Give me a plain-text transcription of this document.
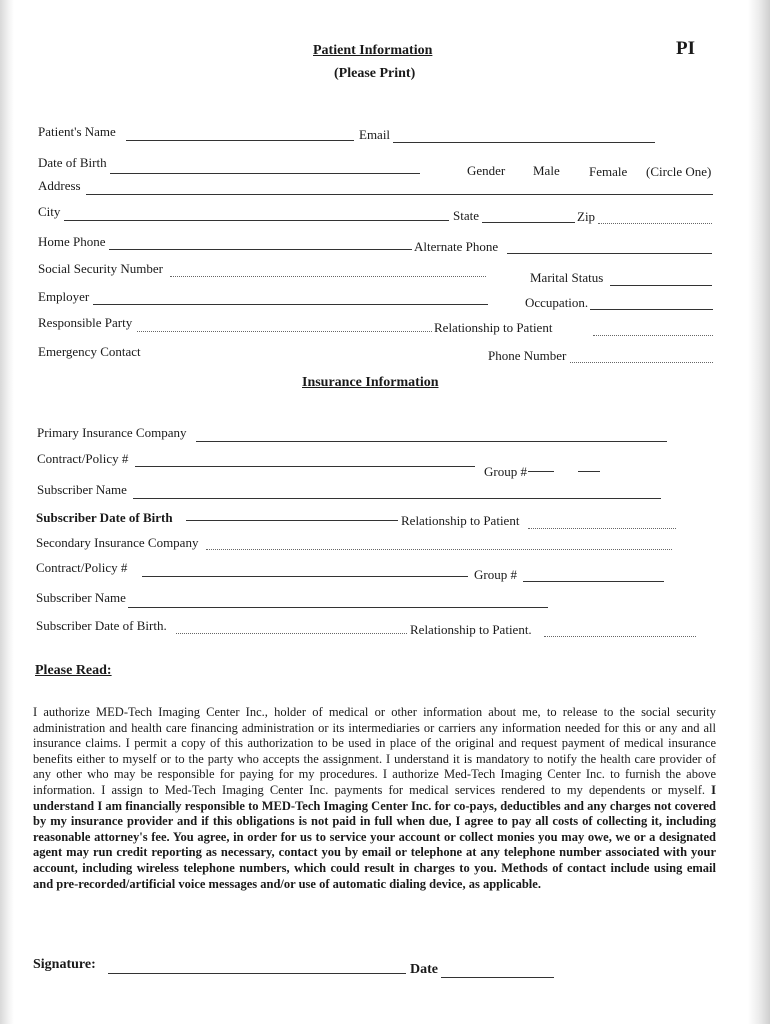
Patient Information
(Please Print)
PI
Patient's Name	Email
Date of Birth
Gender Male Female (Circle One)
Address
City	State	Zip
Home Phone	Alternate Phone
Social Security Number
Marital Status
Employer	Occupation.
Responsible Party	Relationship to Patient
Emergency Contact	Phone Number
Insurance Information
Primary Insurance Company
Contract/Policy #
Group #
Subscriber Name
Subscriber Date of Birth	Relationship to Patient
Secondary Insurance Company
Contract/Policy #	Group #
Subscriber Name
Subscriber Date of Birth.	Relationship to Patient.
Please Read:

I authorize MED-Tech Imaging Center Inc., holder of medical or other information about me, to release to the social security administration and health care financing administration or its intermediaries or carriers any information needed for this or any and all insurance claims. I permit a copy of this authorization to be used in place of the original and request payment of medical insurance benefits either to myself or to the party who accepts the assignment. I understand it is mandatory to notify the health care provider of any other who may be responsible for paying for my procedures. I authorize Med-Tech Imaging Center Inc. to furnish the above information. I assign to Med-Tech Imaging Center Inc. payments for medical services rendered to my dependents or myself. I understand I am financially responsible to MED-Tech Imaging Center Inc. for co-pays, deductibles and any charges not covered by my insurance provider and if this obligations is not paid in full when due, I agree to pay all costs of collecting it, including reasonable attorney's fee. You agree, in order for us to service your account or collect monies you may owe, we or a designated agent may run credit reporting as necessary, contact you by email or telephone at any telephone number associated with your account, including wireless telephone numbers, which could result in charges to you. Methods of contact include using email and pre-recorded/artificial voice messages and/or use of automatic dialing device, as applicable.

Signature:	Date
